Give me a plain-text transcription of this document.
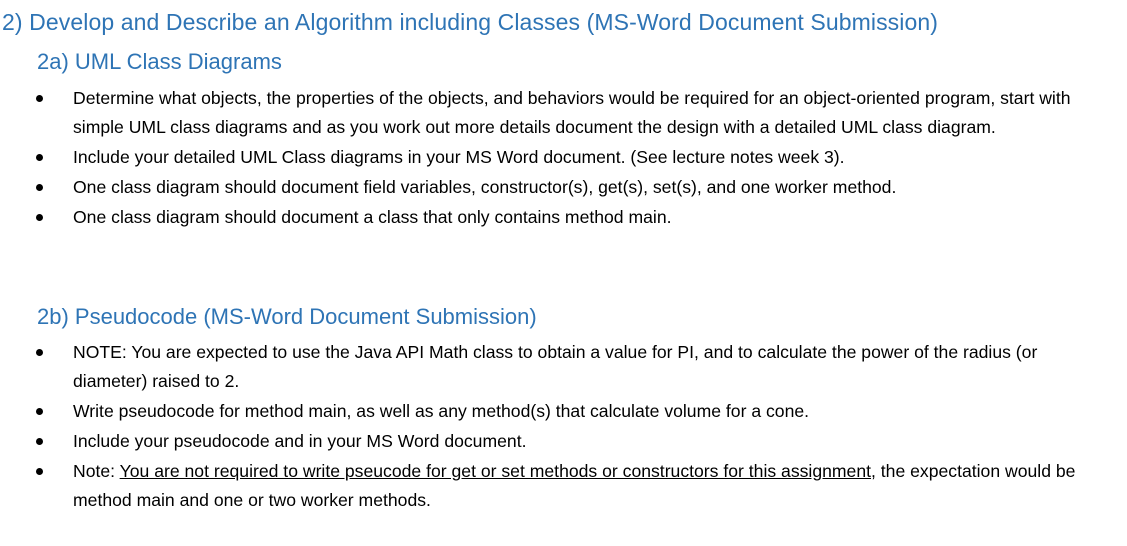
2) Develop and Describe an Algorithm including Classes (MS-Word Document Submission)
2a) UML Class Diagrams
Determine what objects, the properties of the objects, and behaviors would be required for an object-oriented program, start with simple UML class diagrams and as you work out more details document the design with a detailed UML class diagram.
Include your detailed UML Class diagrams in your MS Word document. (See lecture notes week 3).
One class diagram should document field variables, constructor(s), get(s), set(s), and one worker method.
One class diagram should document a class that only contains method main.
2b) Pseudocode (MS-Word Document Submission)
NOTE: You are expected to use the Java API Math class to obtain a value for PI, and to calculate the power of the radius (or diameter) raised to 2.
Write pseudocode for method main, as well as any method(s) that calculate volume for a cone.
Include your pseudocode and in your MS Word document.
Note: You are not required to write pseucode for get or set methods or constructors for this assignment, the expectation would be method main and one or two worker methods.
